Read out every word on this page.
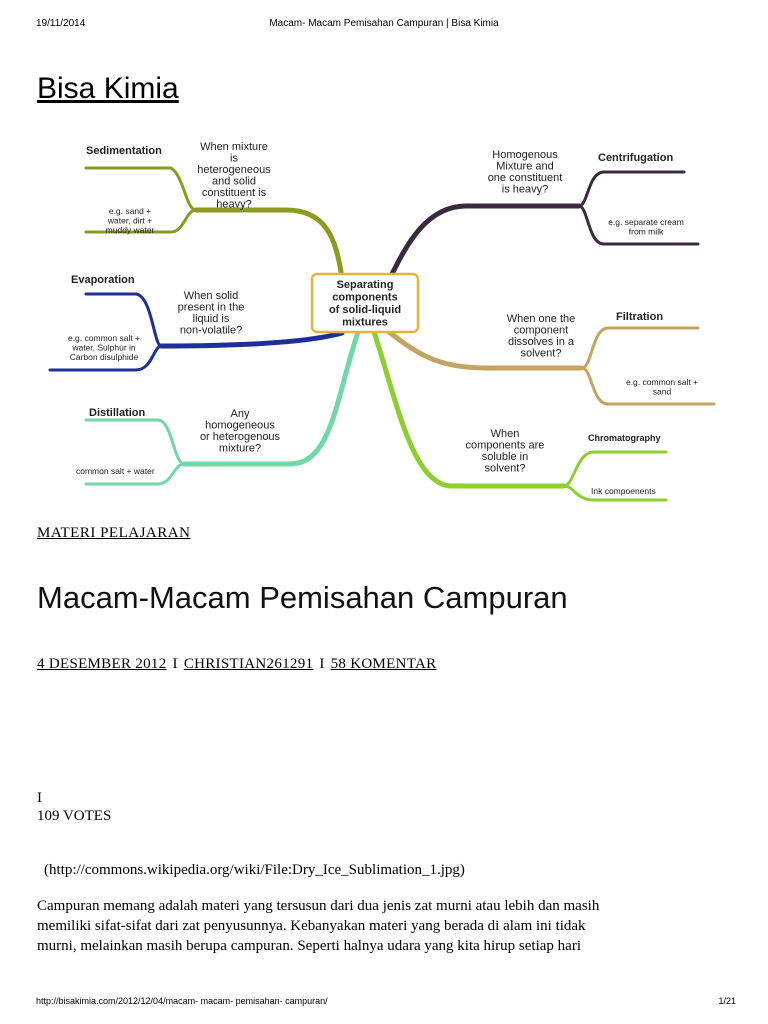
19/11/2014	Macam- Macam Pemisahan Campuran | Bisa Kimia
Bisa Kimia
Separating
components
of solid-liquid
mixtures
Sedimentation	When mixture
is
heterogeneous
and solid
constituent is
heavy?
e.g. sand +
water, dirt +
muddy water
Evaporation
When solid
present in the
liquid is
non-volatile?
e.g. common salt +
water, Sulphur in
Carbon disulphide
Distillation	Any
homogeneous
or heterogenous
mixture?
common salt + water
Centrifugation
Homogenous
Mixture and
one constituent
is heavy?
e.g. separate cream
from milk
Filtration
When one the
component
dissolves in a
solvent?
e.g. common salt +
sand
Chromatography
When
components are
soluble in
solvent?
Ink compoenents
MATERI PELAJARAN
Macam-Macam Pemisahan Campuran
4 DESEMBER 2012 I CHRISTIAN261291 I 58 KOMENTAR
I
109 VOTES
(http://commons.wikipedia.org/wiki/File:Dry_Ice_Sublimation_1.jpg)

Campuran memang adalah materi yang tersusun dari dua jenis zat murni atau lebih dan masih
memiliki sifat-sifat dari zat penyusunnya. Kebanyakan materi yang berada di alam ini tidak
murni, melainkan masih berupa campuran. Seperti halnya udara yang kita hirup setiap hari

http://bisakimia.com/2012/12/04/macam- macam- pemisahan- campuran/	1/21
